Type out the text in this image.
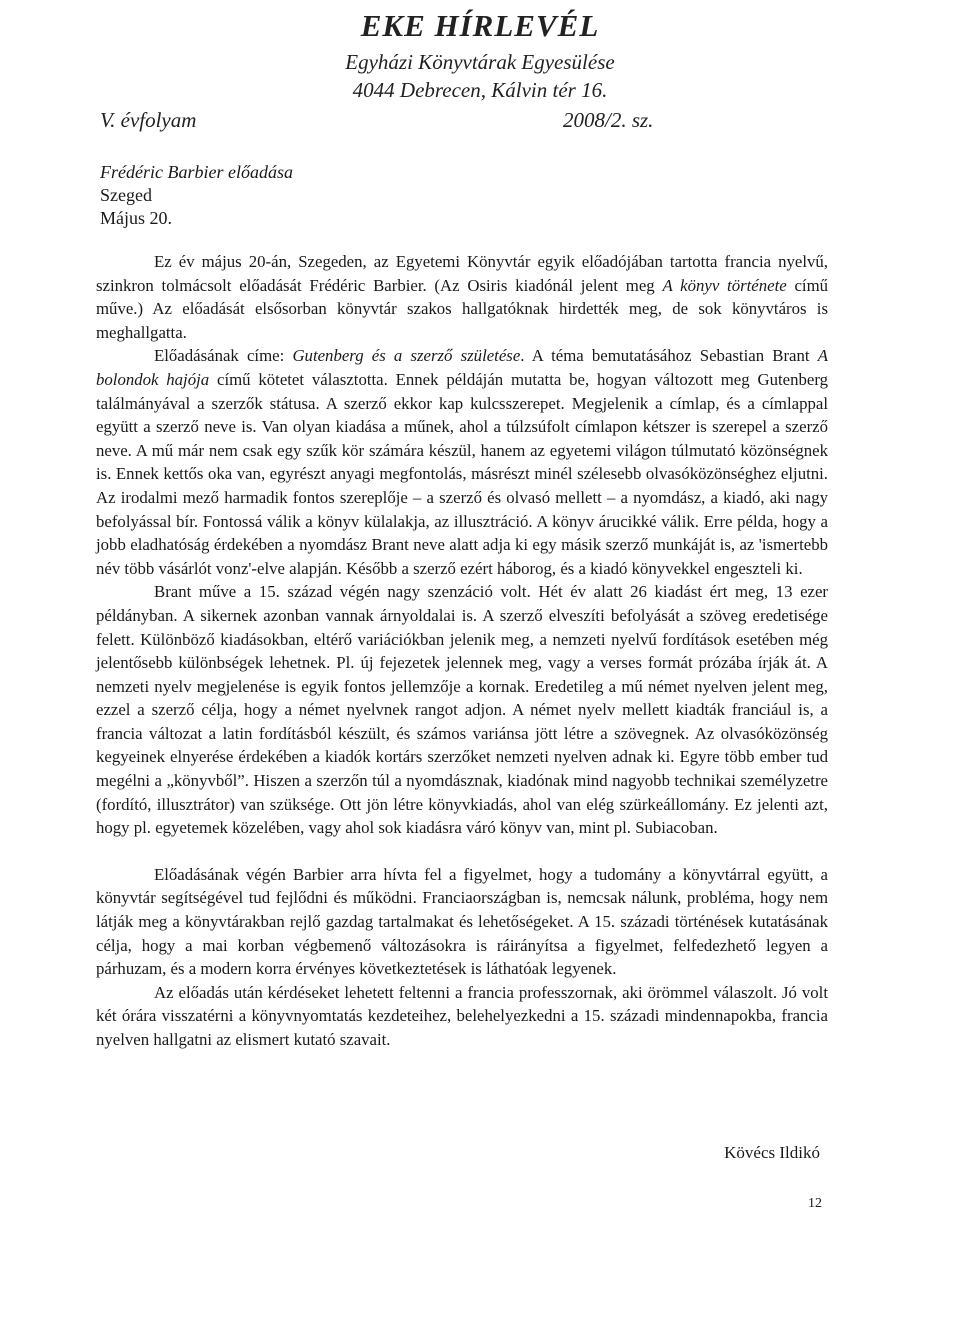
EKE HÍRLEVÉL
Egyházi Könyvtárak Egyesülése
4044 Debrecen, Kálvin tér 16.
V. évfolyam	2008/2. sz.
Frédéric Barbier előadása
Szeged
Május 20.

Ez év május 20-án, Szegeden, az Egyetemi Könyvtár egyik előadójában tartotta francia nyelvű, szinkron tolmácsolt előadását Frédéric Barbier. (Az Osiris kiadónál jelent meg A könyv története című műve.) Az előadását elsősorban könyvtár szakos hallgatóknak hirdették meg, de sok könyvtáros is meghallgatta.

Előadásának címe: Gutenberg és a szerző születése. A téma bemutatásához Sebastian Brant A bolondok hajója című kötetet választotta. Ennek példáján mutatta be, hogyan változott meg Gutenberg találmányával a szerzők státusa. A szerző ekkor kap kulcsszerepet. Megjelenik a címlap, és a címlappal együtt a szerző neve is. Van olyan kiadása a műnek, ahol a túlzsúfolt címlapon kétszer is szerepel a szerző neve. A mű már nem csak egy szűk kör számára készül, hanem az egyetemi világon túlmutató közönségnek is. Ennek kettős oka van, egyrészt anyagi megfontolás, másrészt minél szélesebb olvasóközönséghez eljutni. Az irodalmi mező harmadik fontos szereplője – a szerző és olvasó mellett – a nyomdász, a kiadó, aki nagy befolyással bír. Fontossá válik a könyv külalakja, az illusztráció. A könyv árucikké válik. Erre példa, hogy a jobb eladhatóság érdekében a nyomdász Brant neve alatt adja ki egy másik szerző munkáját is, az 'ismertebb név több vásárlót vonz'-elve alapján. Később a szerző ezért háborog, és a kiadó könyvekkel engeszteli ki.

Brant műve a 15. század végén nagy szenzáció volt. Hét év alatt 26 kiadást ért meg, 13 ezer példányban. A sikernek azonban vannak árnyoldalai is. A szerző elveszíti befolyását a szöveg eredetisége felett. Különböző kiadásokban, eltérő variációkban jelenik meg, a nemzeti nyelvű fordítások esetében még jelentősebb különbségek lehetnek. Pl. új fejezetek jelennek meg, vagy a verses formát prózába írják át. A nemzeti nyelv megjelenése is egyik fontos jellemzője a kornak. Eredetileg a mű német nyelven jelent meg, ezzel a szerző célja, hogy a német nyelvnek rangot adjon. A német nyelv mellett kiadták franciául is, a francia változat a latin fordításból készült, és számos variánsa jött létre a szövegnek. Az olvasóközönség kegyeinek elnyerése érdekében a kiadók kortárs szerzőket nemzeti nyelven adnak ki. Egyre több ember tud megélni a „könyvből”. Hiszen a szerzőn túl a nyomdásznak, kiadónak mind nagyobb technikai személyzetre (fordító, illusztrátor) van szüksége. Ott jön létre könyvkiadás, ahol van elég szürkeállomány. Ez jelenti azt, hogy pl. egyetemek közelében, vagy ahol sok kiadásra váró könyv van, mint pl. Subiacoban.

Előadásának végén Barbier arra hívta fel a figyelmet, hogy a tudomány a könyvtárral együtt, a könyvtár segítségével tud fejlődni és működni. Franciaországban is, nemcsak nálunk, probléma, hogy nem látják meg a könyvtárakban rejlő gazdag tartalmakat és lehetőségeket. A 15. századi történések kutatásának célja, hogy a mai korban végbemenő változásokra is ráirányítsa a figyelmet, felfedezhető legyen a párhuzam, és a modern korra érvényes következtetések is láthatóak legyenek.

Az előadás után kérdéseket lehetett feltenni a francia professzornak, aki örömmel válaszolt. Jó volt két órára visszatérni a könyvnyomtatás kezdeteihez, belehelyezkedni a 15. századi mindennapokba, francia nyelven hallgatni az elismert kutató szavait.

Kövécs Ildikó
12
